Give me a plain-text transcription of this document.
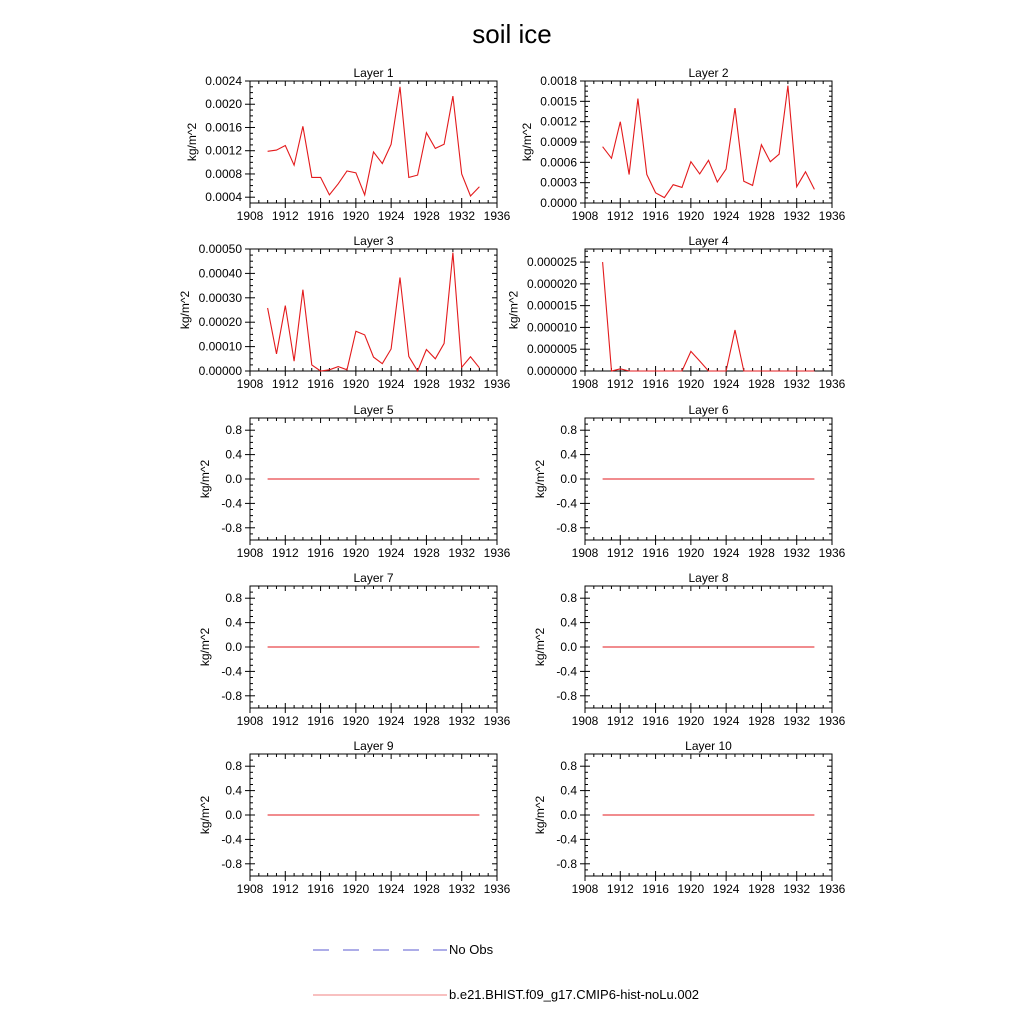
soil ice
Layer 1
1908 1912 1916 1920 1924 1928 1932 1936
0.0004
0.0008
0.0012
0.0016
0.0020
0.0024
kg/m^2
Layer 2
1908 1912 1916 1920 1924 1928 1932 1936
0.0000
0.0003
0.0006
0.0009
0.0012
0.0015
0.0018
kg/m^2
Layer 3
1908 1912 1916 1920 1924 1928 1932 1936
0.00000
0.00010
0.00020
0.00030
0.00040
0.00050
kg/m^2
Layer 4
1908 1912 1916 1920 1924 1928 1932 1936
0.000000
0.000005
0.000010
0.000015
0.000020
0.000025
kg/m^2
Layer 5
1908 1912 1916 1920 1924 1928 1932 1936
-0.8
-0.4
0.0
0.4
0.8
kg/m^2
Layer 6
1908 1912 1916 1920 1924 1928 1932 1936
-0.8
-0.4
0.0
0.4
0.8
kg/m^2
Layer 7
1908 1912 1916 1920 1924 1928 1932 1936
-0.8
-0.4
0.0
0.4
0.8
kg/m^2
Layer 8
1908 1912 1916 1920 1924 1928 1932 1936
-0.8
-0.4
0.0
0.4
0.8
kg/m^2
Layer 9
1908 1912 1916 1920 1924 1928 1932 1936
-0.8
-0.4
0.0
0.4
0.8
kg/m^2
Layer 10
1908 1912 1916 1920 1924 1928 1932 1936
-0.8
-0.4
0.0
0.4
0.8
kg/m^2
No Obs
b.e21.BHIST.f09_g17.CMIP6-hist-noLu.002
